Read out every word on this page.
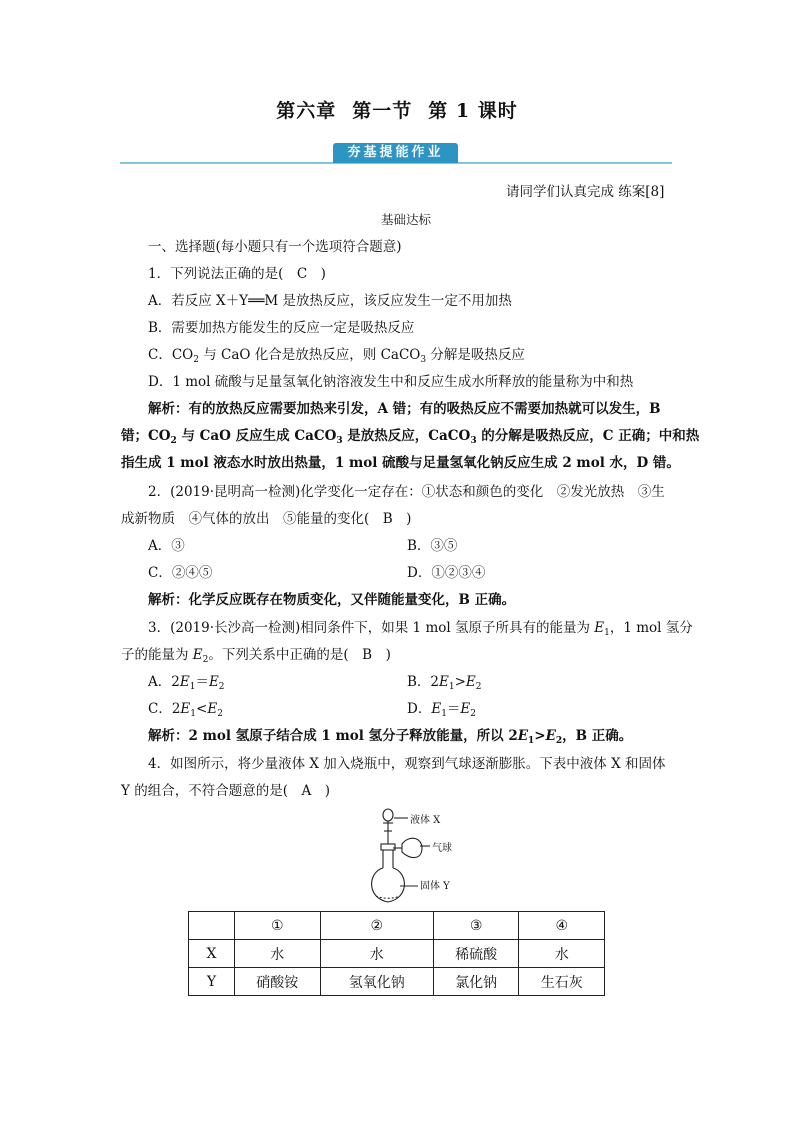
第六章 第一节 第 1 课时
夯基提能作业
请同学们认真完成 练案[8]
基础达标
一、选择题(每小题只有一个选项符合题意)
1．下列说法正确的是(　C　)
A．若反应 X＋Y══M 是放热反应，该反应发生一定不用加热
B．需要加热方能发生的反应一定是吸热反应
C．$CO_2$ 与 CaO 化合是放热反应，则 CaCO$_3$ 分解是吸热反应
D．1 mol 硫酸与足量氢氧化钠溶液发生中和反应生成水所释放的能量称为中和热
解析：有的放热反应需要加热来引发，A 错；有的吸热反应不需要加热就可以发生，B
错；$CO_2$ 与 CaO 反应生成 CaCO$_3$ 是放热反应，CaCO$_3$ 的分解是吸热反应，C 正确；中和热
指生成 1 mol 液态水时放出热量，1 mol 硫酸与足量氢氧化钠反应生成 2 mol 水，D 错。
2．(2019·昆明高一检测)化学变化一定存在：①状态和颜色的变化　②发光放热　③生
成新物质　④气体的放出　⑤能量的变化(　B　)
A．③	B．③⑤
C．②④⑤	D．①②③④
解析：化学反应既存在物质变化，又伴随能量变化，B 正确。
3．(2019·长沙高一检测)相同条件下，如果 1 mol 氢原子所具有的能量为 $E_1$，1 mol 氢分
子的能量为 $E_2$。下列关系中正确的是(　B　)
A．$2E_1=E_2$	B．$2E_1>E_2$
C．$2E_1<E_2$	D．$E_1=E_2$
解析：2 mol 氢原子结合成 1 mol 氢分子释放能量，所以 $2E_1>E_2$，B 正确。
4．如图所示，将少量液体 X 加入烧瓶中，观察到气球逐渐膨胀。下表中液体 X 和固体
Y 的组合，不符合题意的是(　A　)
液体 X
气球
固体 Y
	①	②	③	④
X	水	水	稀硫酸	水
Y	硝酸铵	氢氧化钠	氯化钠	生石灰
